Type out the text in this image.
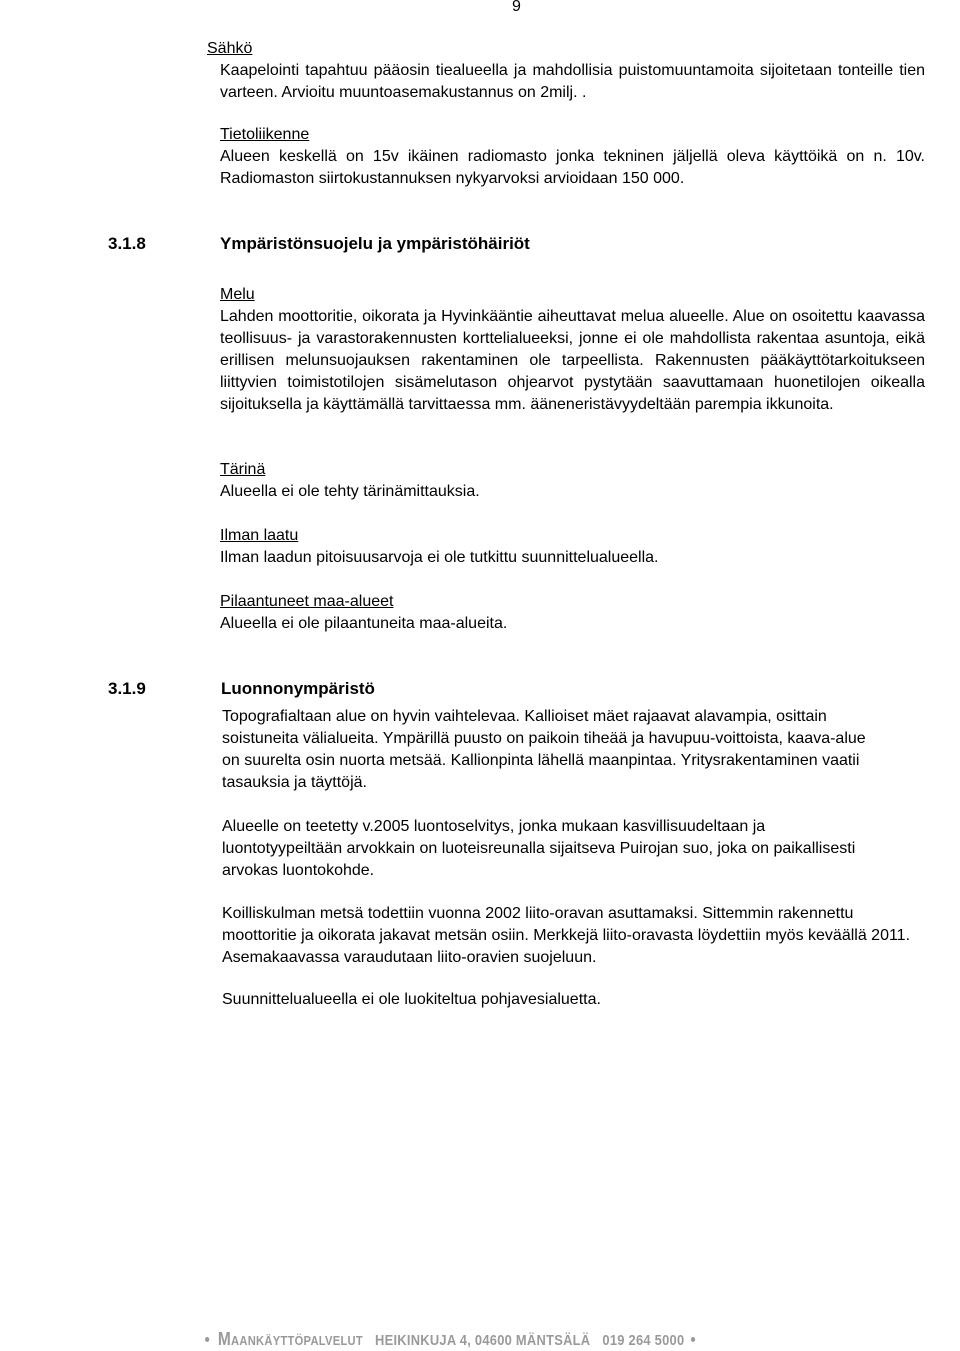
9
Sähkö
Kaapelointi tapahtuu pääosin tiealueella ja mahdollisia puistomuuntamoita sijoitetaan tonteille tien varteen. Arvioitu muuntoasemakustannus on 2milj. .
Tietoliikenne
Alueen keskellä on 15v ikäinen radiomasto jonka tekninen jäljellä oleva käyttöikä on n. 10v. Radiomaston siirtokustannuksen nykyarvoksi arvioidaan 150 000.
3.1.8	Ympäristönsuojelu ja ympäristöhäiriöt
Melu
Lahden moottoritie, oikorata ja Hyvinkääntie aiheuttavat melua alueelle. Alue on osoitettu kaavassa teollisuus- ja varastorakennusten korttelialueeksi, jonne ei ole mahdollista rakentaa asuntoja, eikä erillisen melunsuojauksen rakentaminen ole tarpeellista. Rakennusten pääkäyttötarkoitukseen liittyvien toimistotilojen sisämelutason ohjearvot pystytään saavuttamaan huonetilojen oikealla sijoituksella ja käyttämällä tarvittaessa mm. ääneneristävyydeltään parempia ikkunoita.
Tärinä
Alueella ei ole tehty tärinämittauksia.
Ilman laatu
Ilman laadun pitoisuusarvoja ei ole tutkittu suunnittelualueella.
Pilaantuneet maa-alueet
Alueella ei ole pilaantuneita maa-alueita.
3.1.9	Luonnonympäristö
Topografialtaan alue on hyvin vaihtelevaa. Kallioiset mäet rajaavat alavampia, osittain soistuneita välialueita. Ympärillä puusto on paikoin tiheää ja havupuu-voittoista, kaava-alue on suurelta osin nuorta metsää. Kallionpinta lähellä maanpintaa. Yritysrakentaminen vaatii tasauksia ja täyttöjä.
Alueelle on teetetty v.2005 luontoselvitys, jonka mukaan kasvillisuudeltaan ja luontotyypeiltään arvokkain on luoteisreunalla sijaitseva Puirojan suo, joka on paikallisesti arvokas luontokohde.
Koilliskulman metsä todettiin vuonna 2002 liito-oravan asuttamaksi. Sittemmin rakennettu moottoritie ja oikorata jakavat metsän osiin. Merkkejä liito-oravasta löydettiin myös keväällä 2011. Asemakaavassa varaudutaan liito-oravien suojeluun.
Suunnittelualueella ei ole luokiteltua pohjavesialuetta.
MAANKÄYTTÖPALVELUT HEIKINKUJA 4, 04600 MÄNTSÄLÄ 019 264 5000
